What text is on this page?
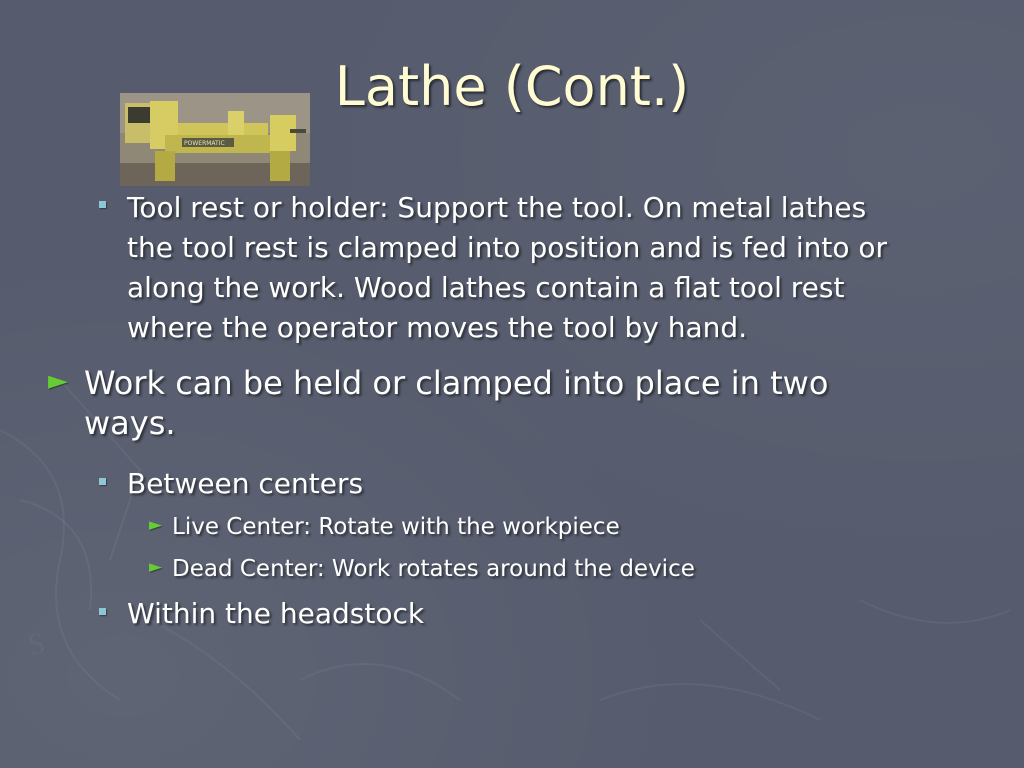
S
Lathe (Cont.)
POWERMATIC
Tool rest or holder: Support the tool. On metal lathes
the tool rest is clamped into position and is fed into or
along the work. Wood lathes contain a flat tool rest
where the operator moves the tool by hand.
► Work can be held or clamped into place in two
ways.
Between centers
► Live Center: Rotate with the workpiece
► Dead Center: Work rotates around the device
Within the headstock
